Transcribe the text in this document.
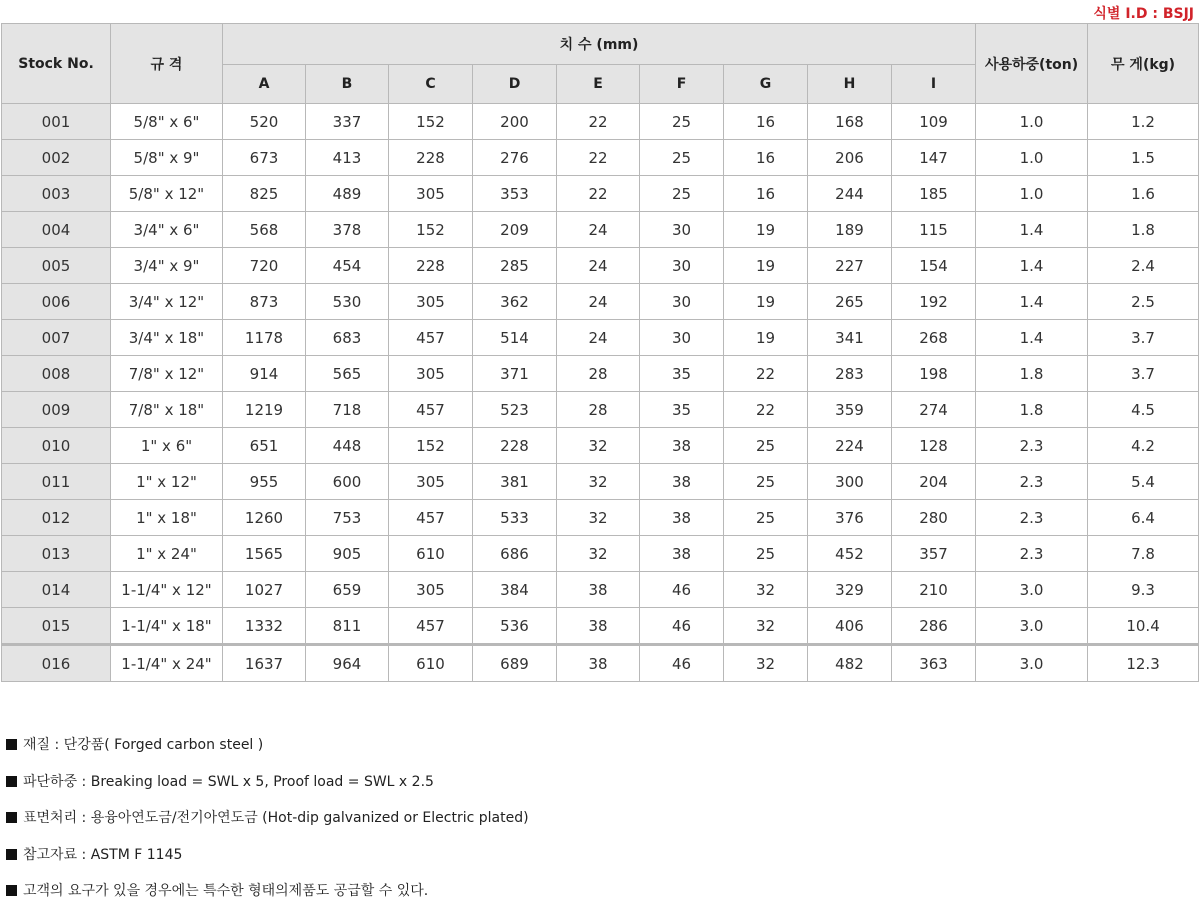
식별 I.D : BSJJ
Stock No.	규 격	치 수 (mm)									사용하중(ton)	무 게(kg)
		A	B	C	D	E	F	G	H	I		
001	5/8" x 6"	520	337	152	200	22	25	16	168	109	1.0	1.2
002	5/8" x 9"	673	413	228	276	22	25	16	206	147	1.0	1.5
003	5/8" x 12"	825	489	305	353	22	25	16	244	185	1.0	1.6
004	3/4" x 6"	568	378	152	209	24	30	19	189	115	1.4	1.8
005	3/4" x 9"	720	454	228	285	24	30	19	227	154	1.4	2.4
006	3/4" x 12"	873	530	305	362	24	30	19	265	192	1.4	2.5
007	3/4" x 18"	1178	683	457	514	24	30	19	341	268	1.4	3.7
008	7/8" x 12"	914	565	305	371	28	35	22	283	198	1.8	3.7
009	7/8" x 18"	1219	718	457	523	28	35	22	359	274	1.8	4.5
010	1" x 6"	651	448	152	228	32	38	25	224	128	2.3	4.2
011	1" x 12"	955	600	305	381	32	38	25	300	204	2.3	5.4
012	1" x 18"	1260	753	457	533	32	38	25	376	280	2.3	6.4
013	1" x 24"	1565	905	610	686	32	38	25	452	357	2.3	7.8
014	1-1/4" x 12"	1027	659	305	384	38	46	32	329	210	3.0	9.3
015	1-1/4" x 18"	1332	811	457	536	38	46	32	406	286	3.0	10.4
016	1-1/4" x 24"	1637	964	610	689	38	46	32	482	363	3.0	12.3
재질 : 단강품( Forged carbon steel )
파단하중 : Breaking load = SWL x 5, Proof load = SWL x 2.5
표면처리 : 용융아연도금/전기아연도금 (Hot-dip galvanized or Electric plated)
참고자료 : ASTM F 1145
고객의 요구가 있을 경우에는 특수한 형태의제품도 공급할 수 있다.
